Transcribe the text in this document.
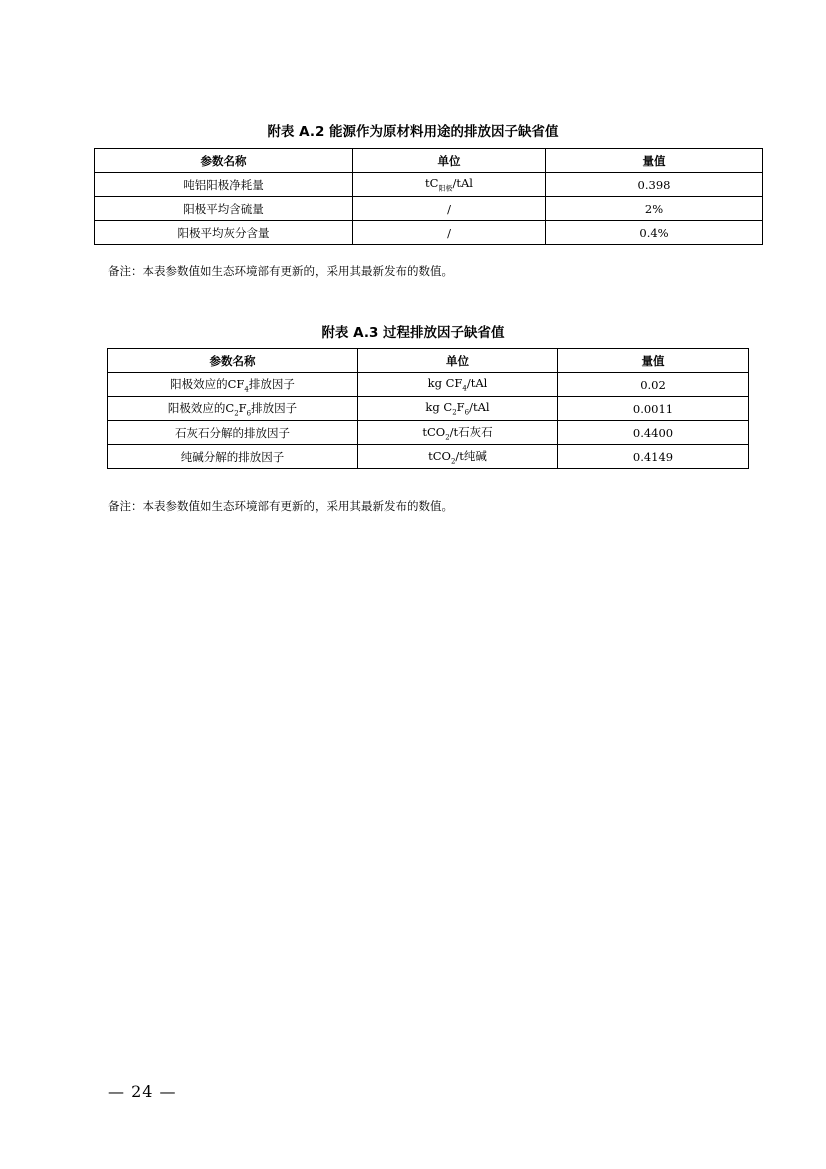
附表 A.2 能源作为原材料用途的排放因子缺省值
参数名称	单位	量值
吨铝阳极净耗量	$tC_{阳极}$/tAl	0.398
阳极平均含硫量	/	2%
阳极平均灰分含量	/	0.4%
备注：本表参数值如生态环境部有更新的，采用其最新发布的数值。
附表 A.3 过程排放因子缺省值
参数名称	单位	量值
阳极效应的$CF_4$排放因子	kg $CF_4$/tAl	0.02
阳极效应的$C_2F_6$排放因子	kg $C_2F_6$/tAl	0.0011
石灰石分解的排放因子	tCO$_2$/t石灰石	0.4400
纯碱分解的排放因子	tCO$_2$/t纯碱	0.4149
备注：本表参数值如生态环境部有更新的，采用其最新发布的数值。
— 24 —
